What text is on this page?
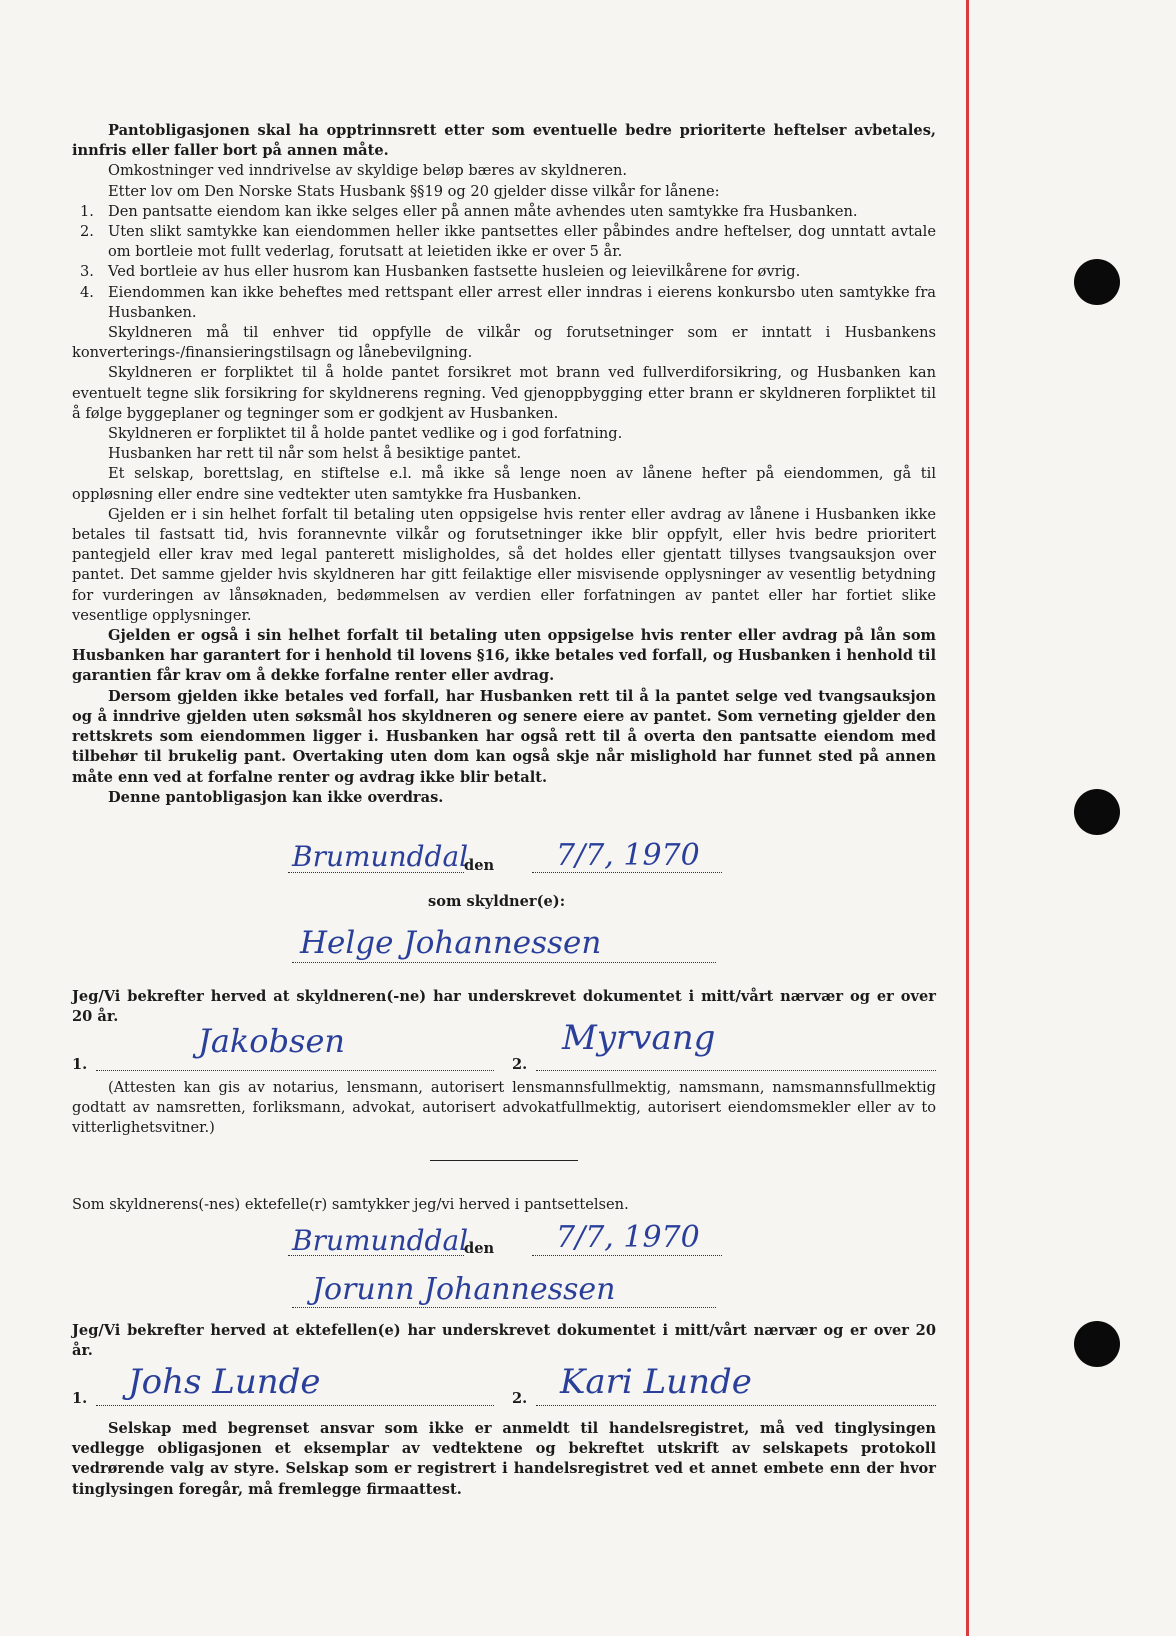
Pantobligasjonen skal ha opptrinnsrett etter som eventuelle bedre prioriterte heftelser avbetales, innfris eller faller bort på annen måte.

Omkostninger ved inndrivelse av skyldige beløp bæres av skyldneren.

Etter lov om Den Norske Stats Husbank §§19 og 20 gjelder disse vilkår for lånene:

1. Den pantsatte eiendom kan ikke selges eller på annen måte avhendes uten samtykke fra Husbanken.
2. Uten slikt samtykke kan eiendommen heller ikke pantsettes eller påbindes andre heftelser, dog unntatt avtale om bortleie mot fullt vederlag, forutsatt at leietiden ikke er over 5 år.
3. Ved bortleie av hus eller husrom kan Husbanken fastsette husleien og leievilkårene for øvrig.
4. Eiendommen kan ikke beheftes med rettspant eller arrest eller inndras i eierens konkursbo uten samtykke fra Husbanken.

Skyldneren må til enhver tid oppfylle de vilkår og forutsetninger som er inntatt i Husbankens konverterings-/finansieringstilsagn og lånebevilgning.

Skyldneren er forpliktet til å holde pantet forsikret mot brann ved fullverdiforsikring, og Husbanken kan eventuelt tegne slik forsikring for skyldnerens regning. Ved gjenoppbygging etter brann er skyldneren forpliktet til å følge byggeplaner og tegninger som er godkjent av Husbanken.

Skyldneren er forpliktet til å holde pantet vedlike og i god forfatning.

Husbanken har rett til når som helst å besiktige pantet.

Et selskap, borettslag, en stiftelse e.l. må ikke så lenge noen av lånene hefter på eiendommen, gå til oppløsning eller endre sine vedtekter uten samtykke fra Husbanken.

Gjelden er i sin helhet forfalt til betaling uten oppsigelse hvis renter eller avdrag av lånene i Husbanken ikke betales til fastsatt tid, hvis forannevnte vilkår og forutsetninger ikke blir oppfylt, eller hvis bedre prioritert pantegjeld eller krav med legal panterett misligholdes, så det holdes eller gjentatt tillyses tvangsauksjon over pantet. Det samme gjelder hvis skyldneren har gitt feilaktige eller misvisende opplysninger av vesentlig betydning for vurderingen av lånsøknaden, bedømmelsen av verdien eller forfatningen av pantet eller har fortiet slike vesentlige opplysninger.

Gjelden er også i sin helhet forfalt til betaling uten oppsigelse hvis renter eller avdrag på lån som Husbanken har garantert for i henhold til lovens §16, ikke betales ved forfall, og Husbanken i henhold til garantien får krav om å dekke forfalne renter eller avdrag.

Dersom gjelden ikke betales ved forfall, har Husbanken rett til å la pantet selge ved tvangsauksjon og å inndrive gjelden uten søksmål hos skyldneren og senere eiere av pantet. Som verneting gjelder den rettskrets som eiendommen ligger i. Husbanken har også rett til å overta den pantsatte eiendom med tilbehør til brukelig pant. Overtaking uten dom kan også skje når mislighold har funnet sted på annen måte enn ved at forfalne renter og avdrag ikke blir betalt.

Denne pantobligasjon kan ikke overdras.

Brumunddal
den 7/7, 1970
som skyldner(e):
Helge Johannessen

Jeg/Vi bekrefter herved at skyldneren(-ne) har underskrevet dokumentet i mitt/vårt nærvær og er over 20 år.

1.
Jakobsen
2.
Myrvang

(Attesten kan gis av notarius, lensmann, autorisert lensmannsfullmektig, namsmann, namsmannsfullmektig godtatt av namsretten, forliksmann, advokat, autorisert advokatfullmektig, autorisert eiendomsmekler eller av to vitterlighetsvitner.)

Som skyldnerens(-nes) ektefelle(r) samtykker jeg/vi herved i pantsettelsen.

Brumunddal
den 7/7, 1970
Jorunn Johannessen

Jeg/Vi bekrefter herved at ektefellen(e) har underskrevet dokumentet i mitt/vårt nærvær og er over 20 år.

1. Johs Lunde	2. Kari Lunde

Selskap med begrenset ansvar som ikke er anmeldt til handelsregistret, må ved tinglysingen vedlegge obligasjonen et eksemplar av vedtektene og bekreftet utskrift av selskapets protokoll vedrørende valg av styre. Selskap som er registrert i handelsregistret ved et annet embete enn der hvor tinglysingen foregår, må fremlegge firmaattest.
